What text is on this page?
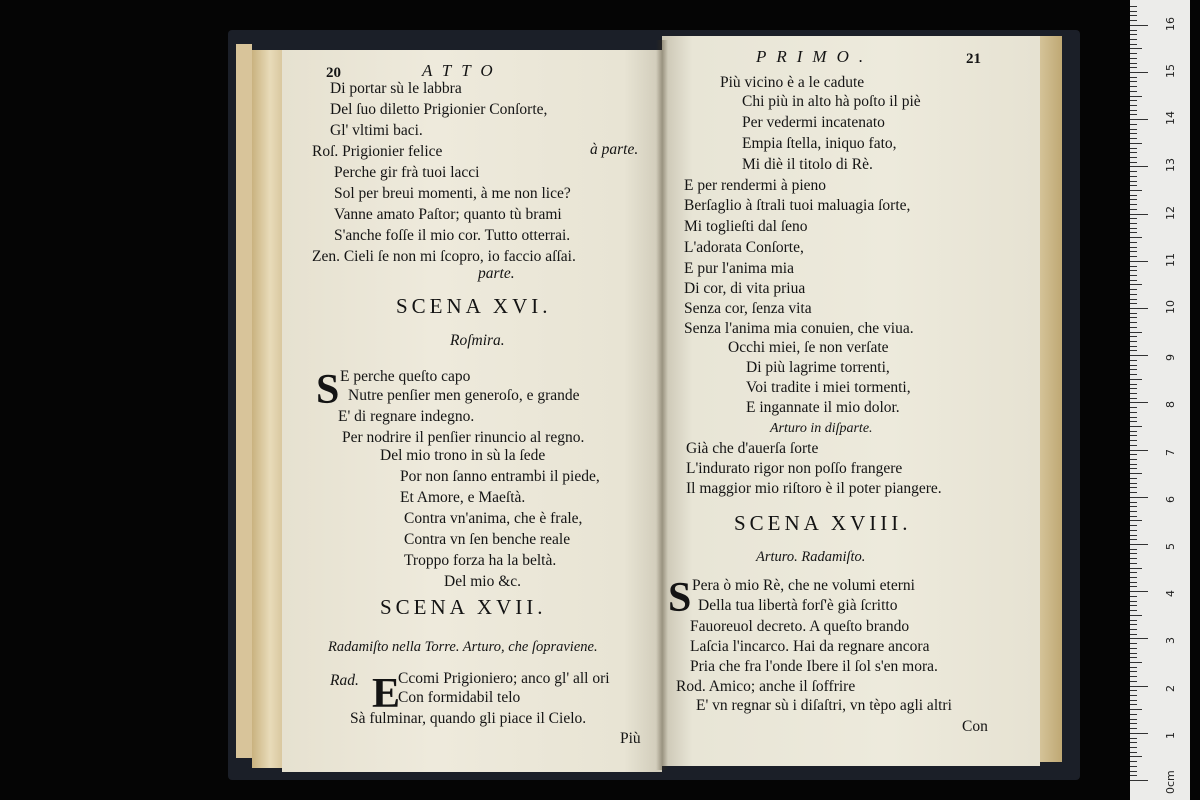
20	ATTO
Di portar sù le labbra
Del ſuo diletto Prigionier Conſorte,
Gl' vltimi baci.
Roſ. Prigionier felice	à parte.
Perche gir frà tuoi lacci
Sol per breui momenti, à me non lice?
Vanne amato Paſtor; quanto tù brami
S'anche foſſe il mio cor. Tutto otterrai.
Zen. Cieli ſe non mi ſcopro, io faccio aſſai.
parte.
SCENA XVI.
Roſmira.
S E perche queſto capo
Nutre penſier men generoſo, e grande
E' di regnare indegno.
Per nodrire il penſier rinuncio al regno.
Del mio trono in sù la ſede
Por non ſanno entrambi il piede,
Et Amore, e Maeſtà.
Contra vn'anima, che è frale,
Contra vn ſen benche reale
Troppo forza ha la beltà.
Del mio &c.
SCENA XVII.
Radamiſto nella Torre. Arturo, che ſopraviene.
Rad. E
Ccomi Prigioniero; anco gl' all ori
Con formidabil telo
Sà fulminar, quando gli piace il Cielo.
Più
PRIMO.	21
Più vicino è a le cadute
Chi più in alto hà poſto il piè
Per vedermi incatenato
Empia ſtella, iniquo fato,
Mi diè il titolo di Rè.
E per rendermi à pieno
Berſaglio à ſtrali tuoi maluagia ſorte,
Mi toglieſti dal ſeno
L'adorata Conſorte,
E pur l'anima mia
Di cor, di vita priua
Senza cor, ſenza vita
Senza l'anima mia conuien, che viua.
Occhi miei, ſe non verſate
Di più lagrime torrenti,
Voi tradite i miei tormenti,
E ingannate il mio dolor.
Arturo in diſparte.
Già che d'auerſa ſorte
L'indurato rigor non poſſo frangere
Il maggior mio riſtoro è il poter piangere.
SCENA XVIII.
Arturo. Radamiſto.
S Pera ò mio Rè, che ne volumi eterni
Della tua libertà forſ'è già ſcritto
Fauoreuol decreto. A queſto brando
Laſcia l'incarco. Hai da regnare ancora
Pria che fra l'onde Ibere il ſol s'en mora.
Rod. Amico; anche il ſoffrire
E' vn regnar sù i diſaſtri, vn tèpo agli altri
Con
0cm
1
2
3
4
5
6
7
8
9
10
11
12
13
14
15
16
